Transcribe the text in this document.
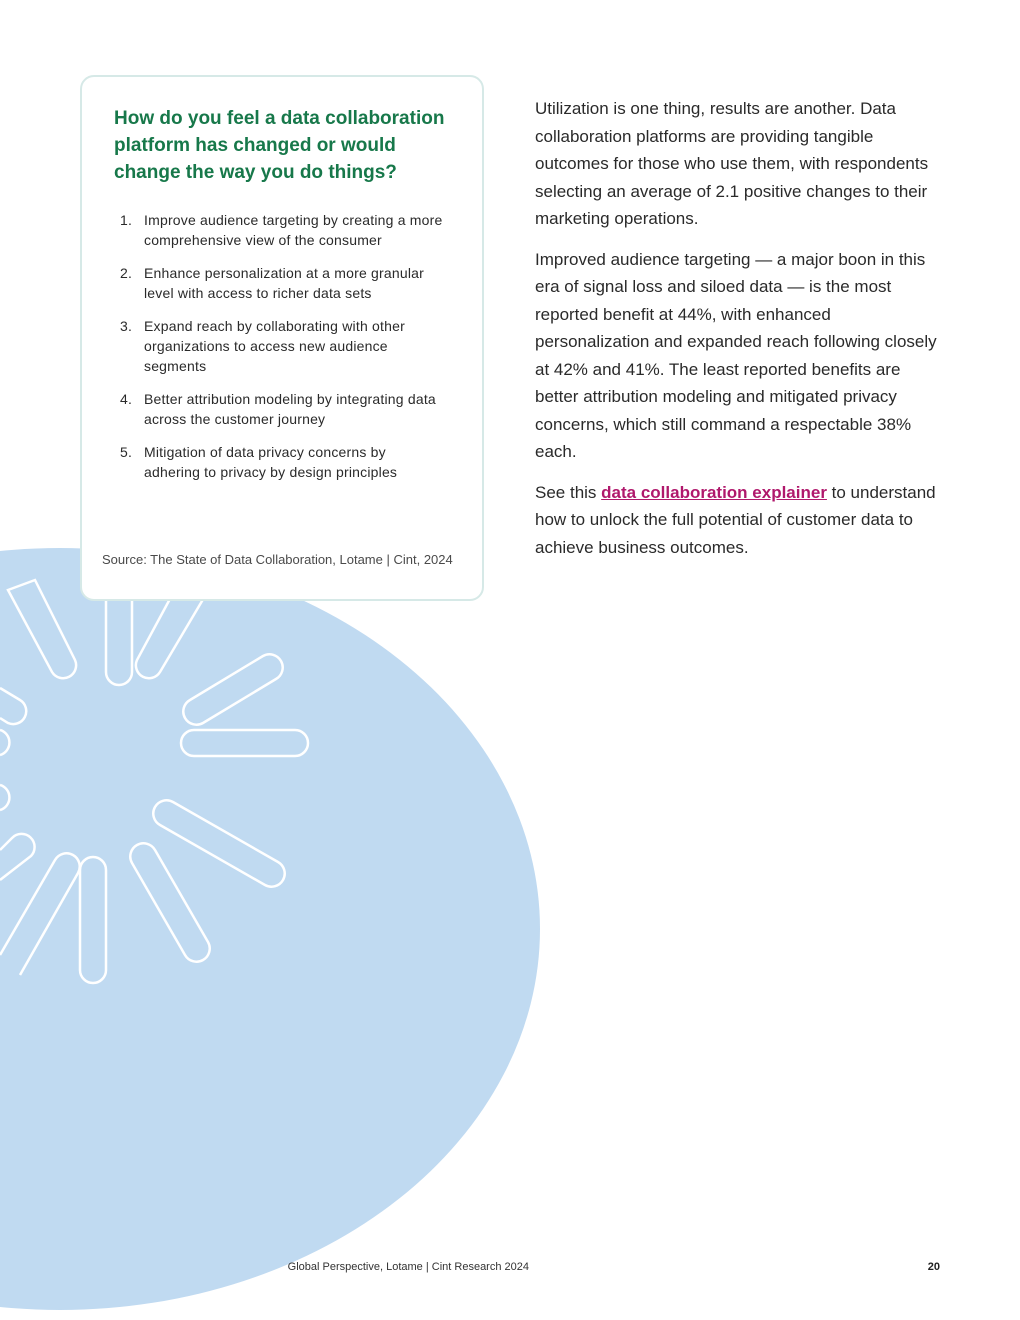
How do you feel a data collaboration platform has changed or would change the way you do things?
1. Improve audience targeting by creating a more comprehensive view of the consumer
2. Enhance personalization at a more granular level with access to richer data sets
3. Expand reach by collaborating with other organizations to access new audience segments
4. Better attribution modeling by integrating data across the customer journey
5. Mitigation of data privacy concerns by adhering to privacy by design principles
Source: The State of Data Collaboration, Lotame | Cint, 2024

Utilization is one thing, results are another. Data collaboration platforms are providing tangible outcomes for those who use them, with respondents selecting an average of 2.1 positive changes to their marketing operations.

Improved audience targeting — a major boon in this era of signal loss and siloed data — is the most reported benefit at 44%, with enhanced personalization and expanded reach following closely at 42% and 41%. The least reported benefits are better attribution modeling and mitigated privacy concerns, which still command a respectable 38% each.

See this data collaboration explainer to understand how to unlock the full potential of customer data to achieve business outcomes.

Global Perspective, Lotame | Cint Research 2024	20
